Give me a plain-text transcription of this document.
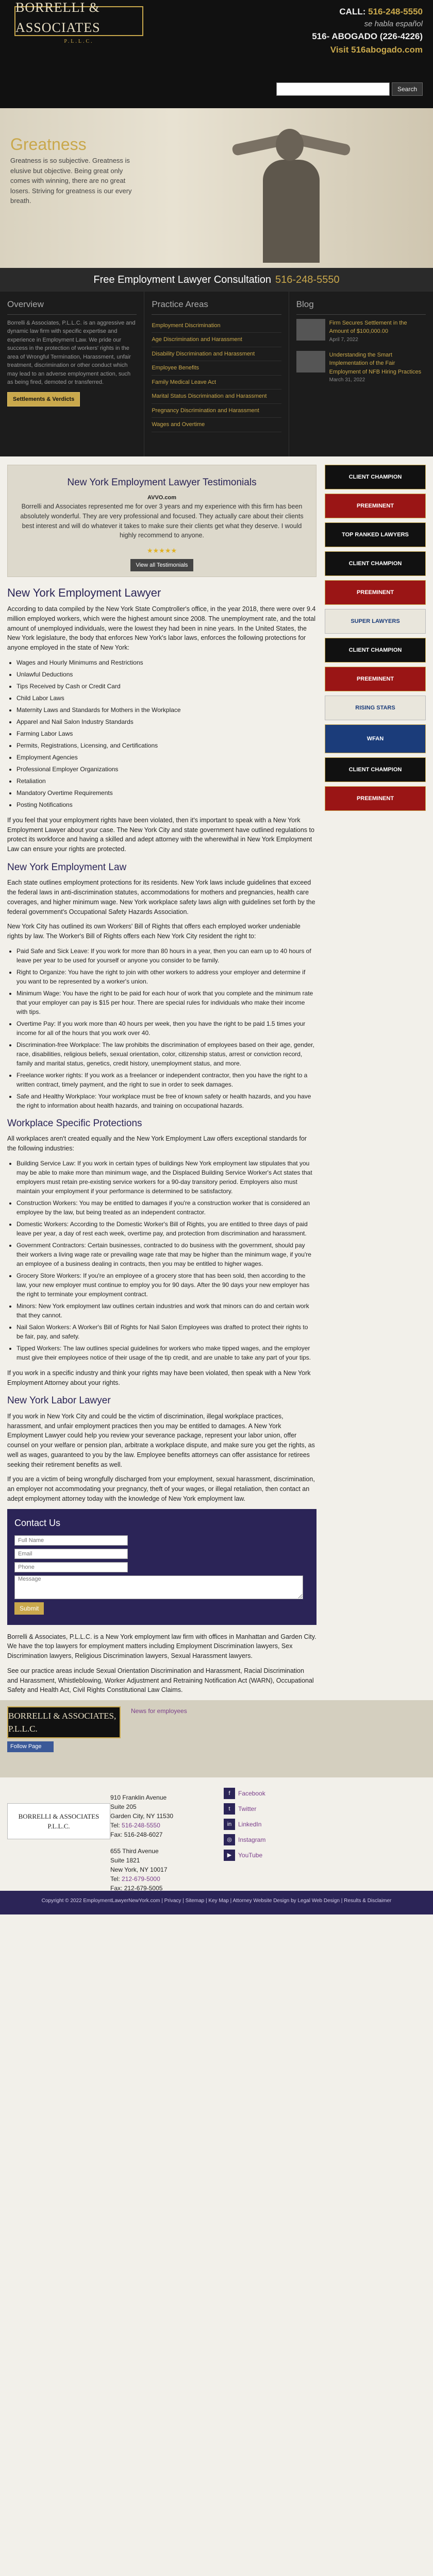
BORRELLI & ASSOCIATES
P.L.L.C.
CALL: 516-248-5550
se habla español
516- ABOGADO (226-4226)
Visit 516abogado.com
Search
Greatness

Greatness is so subjective. Greatness is elusive but objective. Being great only comes with winning, there are no great losers. Striving for greatness is our every breath.

Free Employment Lawyer Consultation 516-248-5550
Overview

Borrelli & Associates, P.L.L.C. is an aggressive and dynamic law firm with specific expertise and experience in Employment Law. We pride our success in the protection of workers' rights in the area of Wrongful Termination, Harassment, unfair treatment, discrimination or other conduct which may lead to an adverse employment action, such as being fired, demoted or transferred.

Settlements & Verdicts
Practice Areas
Employment Discrimination
Age Discrimination and Harassment
Disability Discrimination and Harassment
Employee Benefits
Family Medical Leave Act
Marital Status Discrimination and Harassment
Pregnancy Discrimination and Harassment
Wages and Overtime
Blog
Firm Secures Settlement in the Amount of $100,000.00
April 7, 2022
Understanding the Smart Implementation of the Fair Employment of NFB Hiring Practices
March 31, 2022
New York Employment Lawyer Testimonials
AVVO.com

Borrelli and Associates represented me for over 3 years and my experience with this firm has been absolutely wonderful. They are very professional and focused. They actually care about their clients best interest and will do whatever it takes to make sure their clients get what they deserve. I would highly recommend to anyone.

★★★★★
View all Testimonials
New York Employment Lawyer

According to data compiled by the New York State Comptroller's office, in the year 2018, there were over 9.4 million employed workers, which were the highest amount since 2008. The unemployment rate, and the total amount of unemployed individuals, were the lowest they had been in nine years. In the United States, the New York legislature, the body that enforces New York's labor laws, enforces the following protections for anyone employed in the state of New York:

• Wages and Hourly Minimums and Restrictions
• Unlawful Deductions
• Tips Received by Cash or Credit Card
• Child Labor Laws
• Maternity Laws and Standards for Mothers in the Workplace
• Apparel and Nail Salon Industry Standards
• Farming Labor Laws
• Permits, Registrations, Licensing, and Certifications
• Employment Agencies
• Professional Employer Organizations
• Retaliation
• Mandatory Overtime Requirements
• Posting Notifications

If you feel that your employment rights have been violated, then it's important to speak with a New York Employment Lawyer about your case. The New York City and state government have outlined regulations to protect its workforce and having a skilled and adept attorney with the wherewithal in New York Employment Law can ensure your rights are protected.

New York Employment Law

Each state outlines employment protections for its residents. New York laws include guidelines that exceed the federal laws in anti-discrimination statutes, accommodations for mothers and pregnancies, health care coverages, and higher minimum wage. New York workplace safety laws align with guidelines set forth by the federal government's Occupational Safety Hazards Association.

New York City has outlined its own Workers' Bill of Rights that offers each employed worker undeniable rights by law. The Worker's Bill of Rights offers each New York City resident the right to:

• Paid Safe and Sick Leave: If you work for more than 80 hours in a year, then you can earn up to 40 hours of leave per year to be used for yourself or anyone you consider to be family.
• Right to Organize: You have the right to join with other workers to address your employer and determine if you want to be represented by a worker's union.
• Minimum Wage: You have the right to be paid for each hour of work that you complete and the minimum rate that your employer can pay is $15 per hour. There are special rules for individuals who make their income with tips.
• Overtime Pay: If you work more than 40 hours per week, then you have the right to be paid 1.5 times your income for all of the hours that you work over 40.
• Discrimination-free Workplace: The law prohibits the discrimination of employees based on their age, gender, race, disabilities, religious beliefs, sexual orientation, color, citizenship status, arrest or conviction record, family and marital status, genetics, credit history, unemployment status, and more.
• Freelance worker rights: If you work as a freelancer or independent contractor, then you have the right to a written contract, timely payment, and the right to sue in order to seek damages.
• Safe and Healthy Workplace: Your workplace must be free of known safety or health hazards, and you have the right to information about health hazards, and training on occupational hazards.
Workplace Specific Protections

All workplaces aren't created equally and the New York Employment Law offers exceptional standards for the following industries:

• Building Service Law: If you work in certain types of buildings New York employment law stipulates that you may be able to make more than minimum wage, and the Displaced Building Service Worker's Act states that employers must retain pre-existing service workers for a 90-day transitory period. Employers also must maintain your employment if your performance is determined to be satisfactory.
• Construction Workers: You may be entitled to damages if you're a construction worker that is considered an employee by the law, but being treated as an independent contractor.
• Domestic Workers: According to the Domestic Worker's Bill of Rights, you are entitled to three days of paid leave per year, a day of rest each week, overtime pay, and protection from discrimination and harassment.
• Government Contractors: Certain businesses, contracted to do business with the government, should pay their workers a living wage rate or prevailing wage rate that may be higher than the minimum wage, if you're an employee of a business dealing in contracts, then you may be entitled to higher wages.
• Grocery Store Workers: If you're an employee of a grocery store that has been sold, then according to the law, your new employer must continue to employ you for 90 days. After the 90 days your new employer has the right to terminate your employment contract.
• Minors: New York employment law outlines certain industries and work that minors can do and certain work that they cannot.
• Nail Salon Workers: A Worker's Bill of Rights for Nail Salon Employees was drafted to protect their rights to be fair, pay, and safety.
• Tipped Workers: The law outlines special guidelines for workers who make tipped wages, and the employer must give their employees notice of their usage of the tip credit, and are unable to take any part of your tips.

If you work in a specific industry and think your rights may have been violated, then speak with a New York Employment Attorney about your rights.

New York Labor Lawyer

If you work in New York City and could be the victim of discrimination, illegal workplace practices, harassment, and unfair employment practices then you may be entitled to damages. A New York Employment Lawyer could help you review your severance package, represent your labor union, offer counsel on your welfare or pension plan, arbitrate a workplace dispute, and make sure you get the rights, as well as wages, guaranteed to you by the law. Employee benefits attorneys can offer assistance for retirees seeking their retirement benefits as well.

If you are a victim of being wrongfully discharged from your employment, sexual harassment, discrimination, an employer not accommodating your pregnancy, theft of your wages, or illegal retaliation, then contact an adept employment attorney today with the knowledge of New York employment law.

Contact Us
Full Name
Email
Phone
Message Submit

Borrelli & Associates, P.L.L.C. is a New York employment law firm with offices in Manhattan and Garden City. We have the top lawyers for employment matters including Employment Discrimination lawyers, Sex Discrimination lawyers, Religious Discrimination lawyers, Sexual Harassment lawyers.

See our practice areas include Sexual Orientation Discrimination and Harassment, Racial Discrimination and Harassment, Whistleblowing, Worker Adjustment and Retraining Notification Act (WARN), Occupational Safety and Health Act, Civil Rights Constitutional Law Claims.

CLIENT CHAMPION
PREEMINENT
TOP RANKED LAWYERS
CLIENT CHAMPION
PREEMINENT
SUPER LAWYERS
CLIENT CHAMPION
PREEMINENT
RISING STARS
WFAN
CLIENT CHAMPION
PREEMINENT
BORRELLI & ASSOCIATES, P.L.L.C.
Follow Page
News for employees
BORRELLI & ASSOCIATES
P.L.L.C.
910 Franklin Avenue
Suite 205
Garden City, NY 11530
Tel: 516-248-5550
Fax: 516-248-6027
655 Third Avenue
Suite 1821
New York, NY 10017
Tel: 212-679-5000
Fax: 212-679-5005
f	Facebook
t	Twitter
in	LinkedIn
◎	Instagram
▶	YouTube
Copyright © 2022 EmploymentLawyerNewYork.com | Privacy | Sitemap | Key Map | Attorney Website Design by Legal Web Design | Results & Disclaimer
